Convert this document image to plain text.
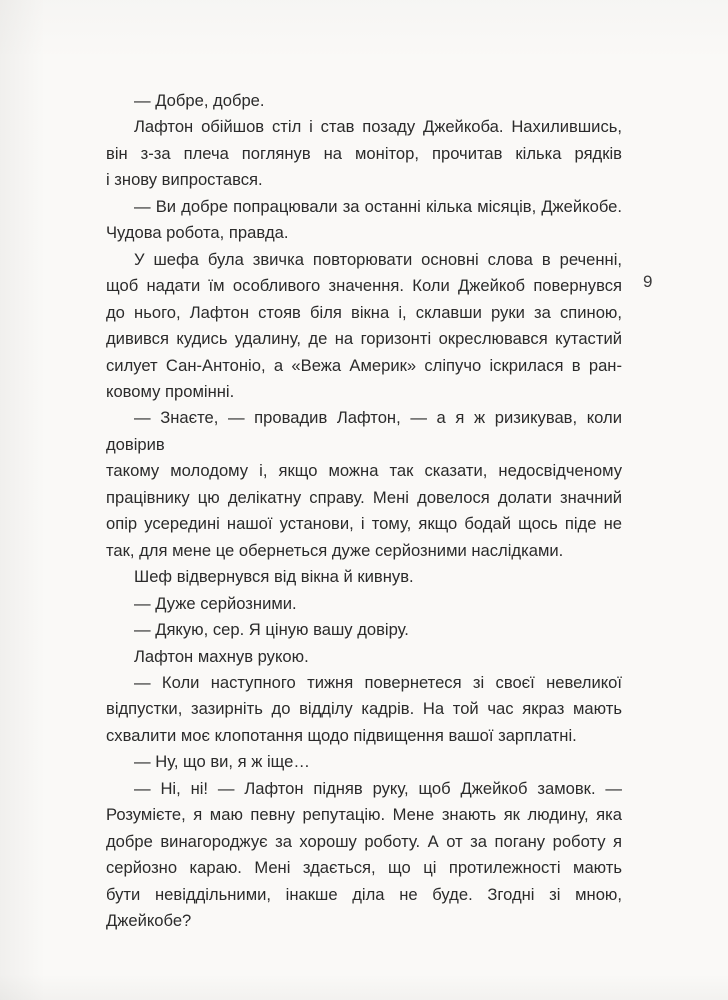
— Добре, добре.

Лафтон обійшов стіл і став позаду Джейкоба. Нахилившись,
він з-за плеча поглянув на монітор, прочитав кілька рядків
і знову випростався.

— Ви добре попрацювали за останні кілька місяців, Джейкобе.
Чудова робота, правда.

У шефа була звичка повторювати основні слова в реченні,
щоб надати їм особливого значення. Коли Джейкоб повернувся
до нього, Лафтон стояв біля вікна і, склавши руки за спиною,
дивився кудись удалину, де на горизонті окреслювався кутастий
силует Сан-Антоніо, а «Вежа Америк» сліпучо іскрилася в ран-
ковому промінні.

— Знаєте, — провадив Лафтон, — а я ж ризикував, коли довірив
такому молодому і, якщо можна так сказати, недосвідченому
працівнику цю делікатну справу. Мені довелося долати значний
опір усередині нашої установи, і тому, якщо бодай щось піде не
так, для мене це обернеться дуже серйозними наслідками.

Шеф відвернувся від вікна й кивнув.

— Дуже серйозними.

— Дякую, сер. Я ціную вашу довіру.

Лафтон махнув рукою.

— Коли наступного тижня повернетеся зі своєї невеликої
відпустки, зазирніть до відділу кадрів. На той час якраз мають
схвалити моє клопотання щодо підвищення вашої зарплатні.

— Ну, що ви, я ж іще…

— Ні, ні! — Лафтон підняв руку, щоб Джейкоб замовк. —
Розумієте, я маю певну репутацію. Мене знають як людину, яка
добре винагороджує за хорошу роботу. А от за погану роботу я
серйозно караю. Мені здається, що ці протилежності мають
бути невіддільними, інакше діла не буде. Згодні зі мною,
Джейкобе?

9
